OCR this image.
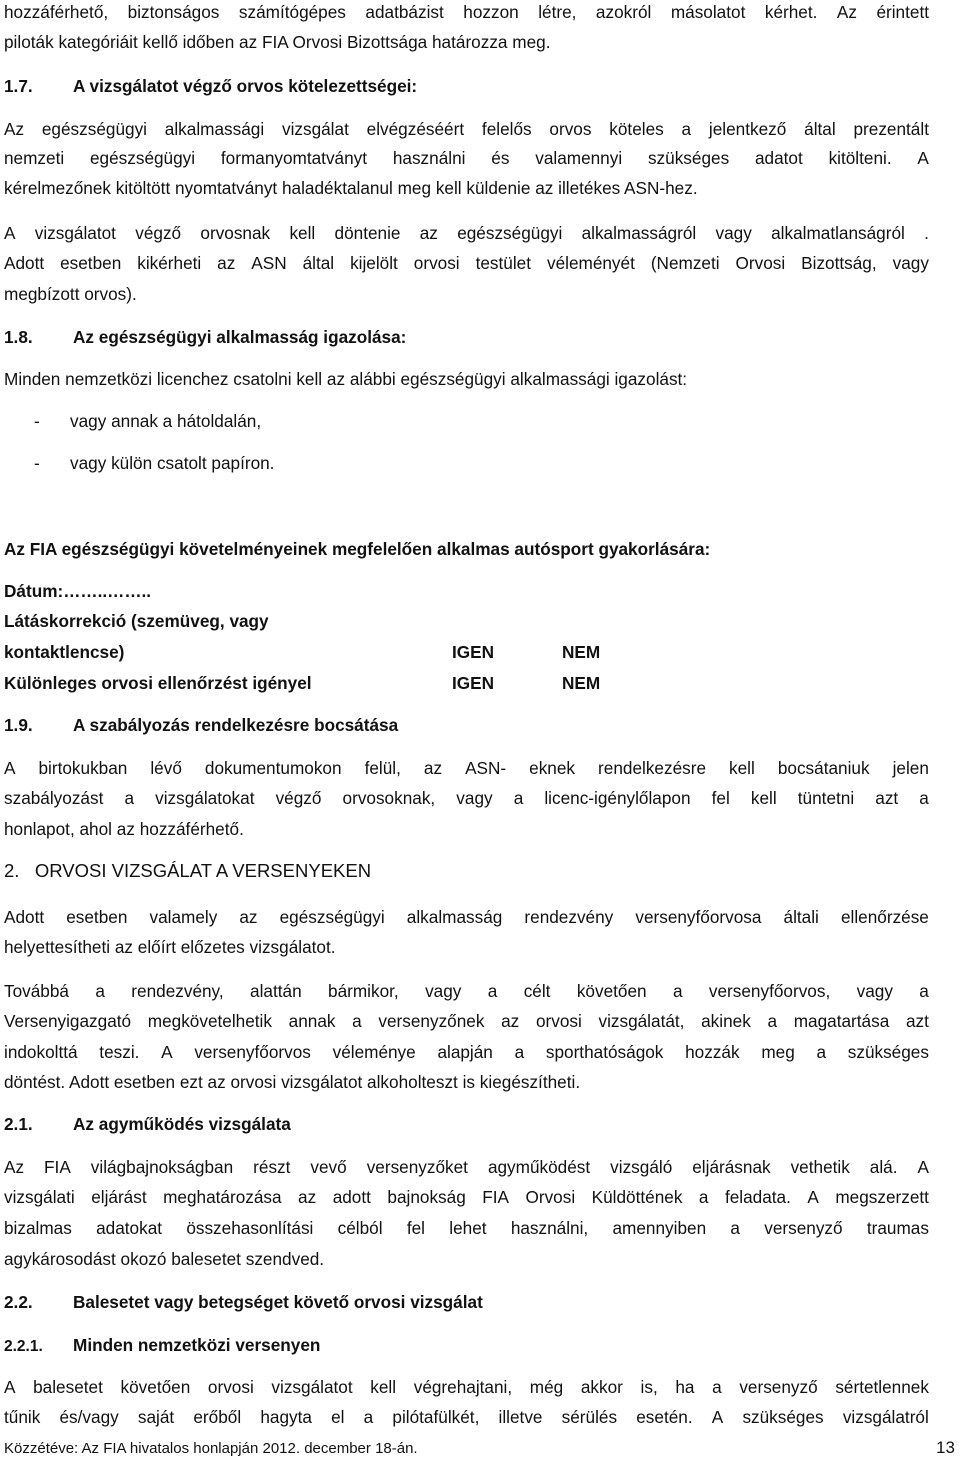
hozzáférhető, biztonságos számítógépes adatbázist hozzon létre, azokról másolatot kérhet. Az érintett
piloták kategóriáit kellő időben az FIA Orvosi Bizottsága határozza meg.
1.7. A vizsgálatot végző orvos kötelezettségei:
Az egészségügyi alkalmassági vizsgálat elvégzéséért felelős orvos köteles a jelentkező által prezentált
nemzeti egészségügyi formanyomtatványt használni és valamennyi szükséges adatot kitölteni. A
kérelmezőnek kitöltött nyomtatványt haladéktalanul meg kell küldenie az illetékes ASN-hez.
A vizsgálatot végző orvosnak kell döntenie az egészségügyi alkalmasságról vagy alkalmatlanságról .
Adott esetben kikérheti az ASN által kijelölt orvosi testület véleményét (Nemzeti Orvosi Bizottság, vagy
megbízott orvos).
1.8. Az egészségügyi alkalmasság igazolása:
Minden nemzetközi licenchez csatolni kell az alábbi egészségügyi alkalmassági igazolást:
- vagy annak a hátoldalán,
- vagy külön csatolt papíron.
Az FIA egészségügyi követelményeinek megfelelően alkalmas autósport gyakorlására:
Dátum:……..……..
Látáskorrekció (szemüveg, vagy
kontaktlencse)	IGEN	NEM
Különleges orvosi ellenőrzést igényel	IGEN	NEM
1.9. A szabályozás rendelkezésre bocsátása
A birtokukban lévő dokumentumokon felül, az ASN- eknek rendelkezésre kell bocsátaniuk jelen
szabályozást a vizsgálatokat végző orvosoknak, vagy a licenc-igénylőlapon fel kell tüntetni azt a
honlapot, ahol az hozzáférhető.
2. ORVOSI VIZSGÁLAT A VERSENYEKEN
Adott esetben valamely az egészségügyi alkalmasság rendezvény versenyfőorvosa általi ellenőrzése
helyettesítheti az előírt előzetes vizsgálatot.
Továbbá a rendezvény, alattán bármikor, vagy a célt követően a versenyfőorvos, vagy a
Versenyigazgató megkövetelhetik annak a versenyzőnek az orvosi vizsgálatát, akinek a magatartása azt
indokolttá teszi. A versenyfőorvos véleménye alapján a sporthatóságok hozzák meg a szükséges
döntést. Adott esetben ezt az orvosi vizsgálatot alkoholteszt is kiegészítheti.
2.1. Az agyműködés vizsgálata
Az FIA világbajnokságban részt vevő versenyzőket agyműködést vizsgáló eljárásnak vethetik alá. A
vizsgálati eljárást meghatározása az adott bajnokság FIA Orvosi Küldöttének a feladata. A megszerzett
bizalmas adatokat összehasonlítási célból fel lehet használni, amennyiben a versenyző traumas
agykárosodást okozó balesetet szendved.
2.2. Balesetet vagy betegséget követő orvosi vizsgálat
2.2.1. Minden nemzetközi versenyen
A balesetet követően orvosi vizsgálatot kell végrehajtani, még akkor is, ha a versenyző sértetlennek
tűnik és/vagy saját erőből hagyta el a pilótafülkét, illetve sérülés esetén. A szükséges vizsgálatról
Közzétéve: Az FIA hivatalos honlapján 2012. december 18-án.	13
